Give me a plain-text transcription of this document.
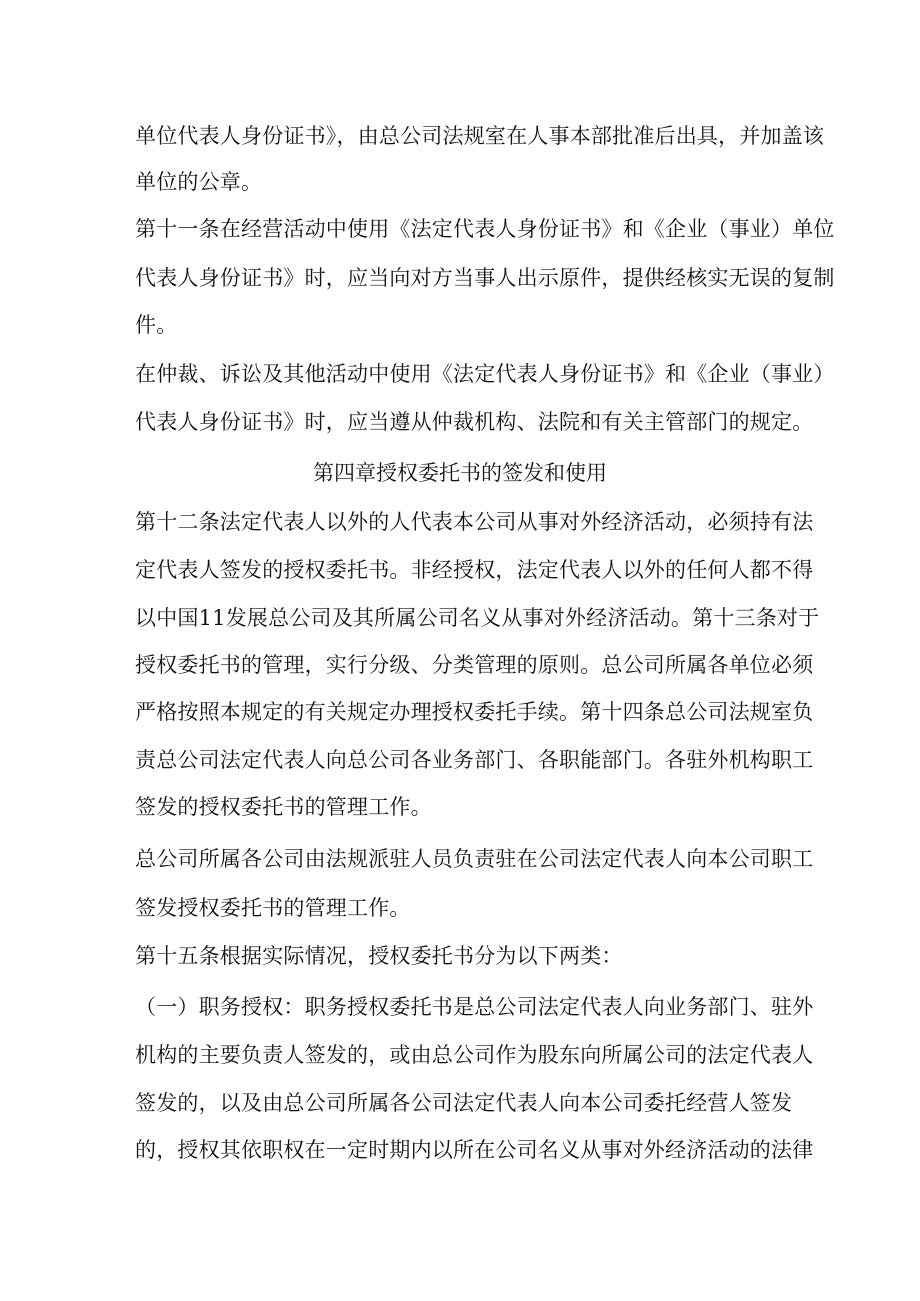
单位代表人身份证书》，由总公司法规室在人事本部批准后出具，并加盖该
单位的公章。
第十一条在经营活动中使用《法定代表人身份证书》和《企业（事业）单位
代表人身份证书》时，应当向对方当事人出示原件，提供经核实无误的复制
件。
在仲裁、诉讼及其他活动中使用《法定代表人身份证书》和《企业（事业）
代表人身份证书》时，应当遵从仲裁机构、法院和有关主管部门的规定。
第四章授权委托书的签发和使用
第十二条法定代表人以外的人代表本公司从事对外经济活动，必须持有法
定代表人签发的授权委托书。非经授权，法定代表人以外的任何人都不得
以中国11发展总公司及其所属公司名义从事对外经济活动。第十三条对于
授权委托书的管理，实行分级、分类管理的原则。总公司所属各单位必须
严格按照本规定的有关规定办理授权委托手续。第十四条总公司法规室负
责总公司法定代表人向总公司各业务部门、各职能部门。各驻外机构职工
签发的授权委托书的管理工作。
总公司所属各公司由法规派驻人员负责驻在公司法定代表人向本公司职工
签发授权委托书的管理工作。
第十五条根据实际情况，授权委托书分为以下两类：
（一）职务授权：职务授权委托书是总公司法定代表人向业务部门、驻外
机构的主要负责人签发的，或由总公司作为股东向所属公司的法定代表人
签发的，以及由总公司所属各公司法定代表人向本公司委托经营人签发
的，授权其依职权在一定时期内以所在公司名义从事对外经济活动的法律
